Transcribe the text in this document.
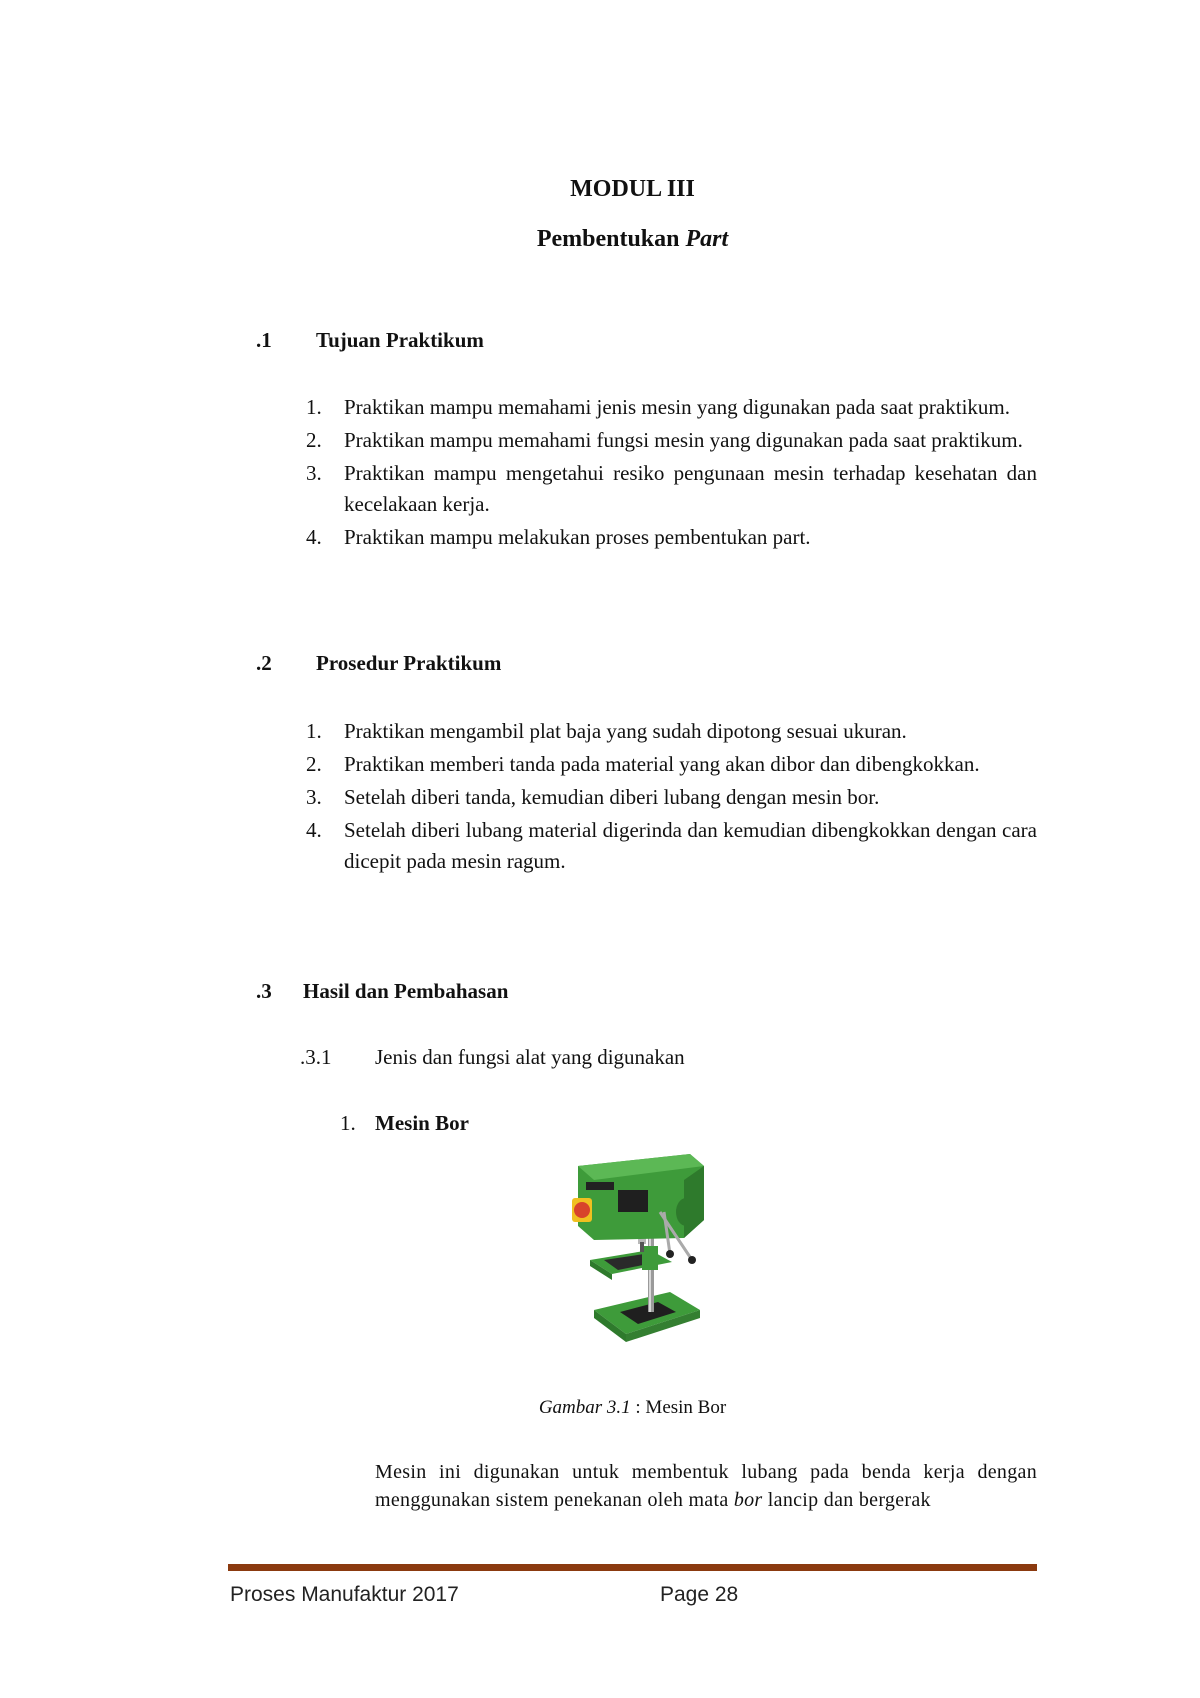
MODUL III
Pembentukan Part
.1 Tujuan Praktikum
1. Praktikan mampu memahami jenis mesin yang digunakan pada saat praktikum.
2. Praktikan mampu memahami fungsi mesin yang digunakan pada saat praktikum.
3. Praktikan mampu mengetahui resiko pengunaan mesin terhadap kesehatan dan kecelakaan kerja.
4. Praktikan mampu melakukan proses pembentukan part.
.2 Prosedur Praktikum
1. Praktikan mengambil plat baja yang sudah dipotong sesuai ukuran.
2. Praktikan memberi tanda pada material yang akan dibor dan dibengkokkan.
3. Setelah diberi tanda, kemudian diberi lubang dengan mesin bor.
4. Setelah diberi lubang material digerinda dan kemudian dibengkokkan dengan cara dicepit pada mesin ragum.
.3 Hasil dan Pembahasan
.3.1 Jenis dan fungsi alat yang digunakan
1. Mesin Bor
Gambar 3.1 : Mesin Bor
Mesin ini digunakan untuk membentuk lubang pada benda kerja dengan menggunakan sistem penekanan oleh mata bor lancip dan bergerak
Proses Manufaktur 2017	Page 28
